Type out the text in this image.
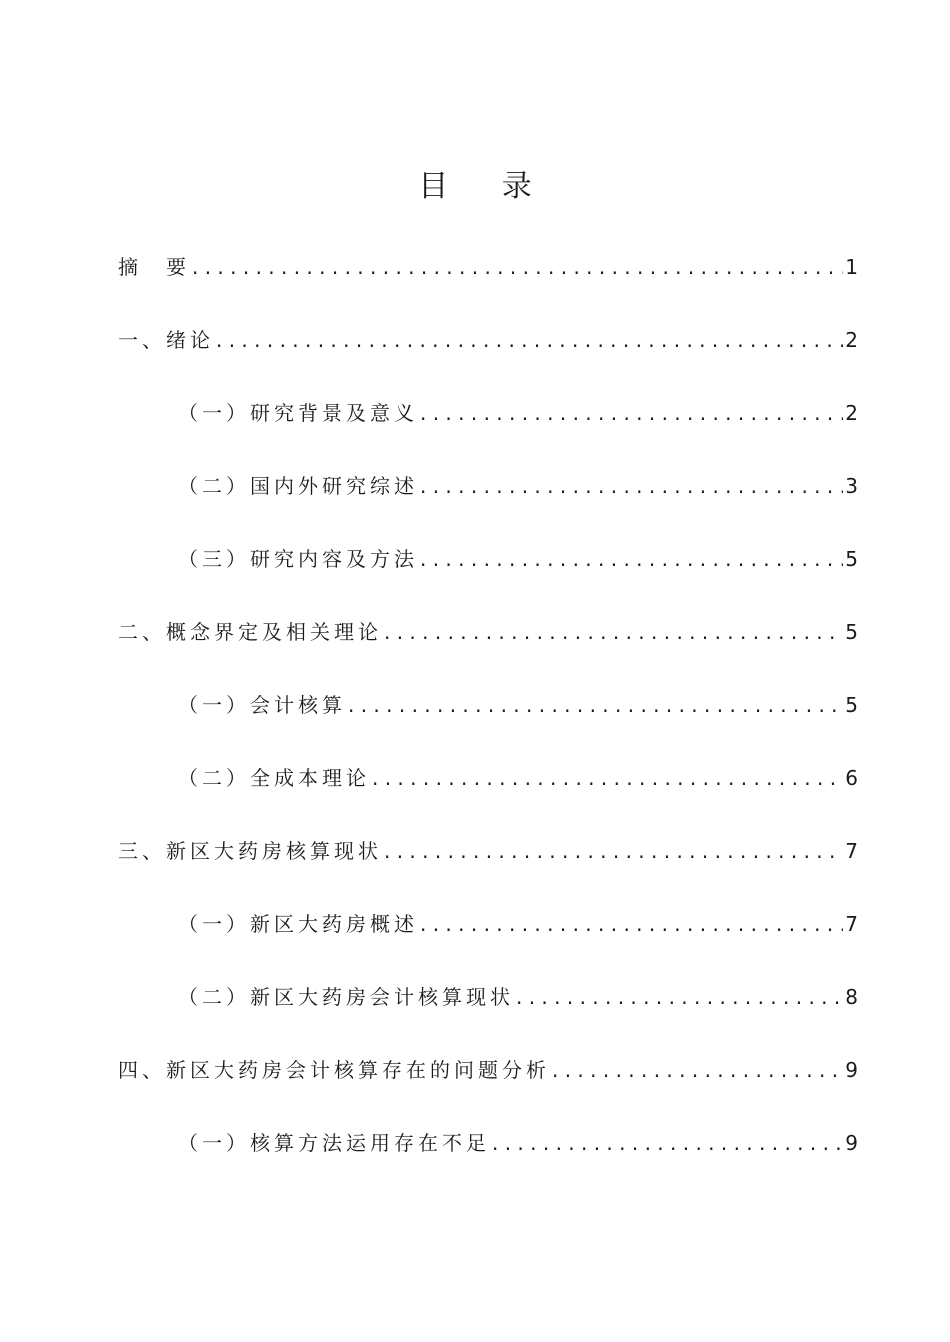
目 录
摘　要 . . .	1
一、绪论 . . .	2
（一）研究背景及意义 . . .	2
（二）国内外研究综述 . . .	3
（三）研究内容及方法 . . .	5
二、概念界定及相关理论 . . .	5
（一）会计核算 . . .	5
（二）全成本理论 . . .	6
三、新区大药房核算现状 . . .	7
（一）新区大药房概述 . . .	7
（二）新区大药房会计核算现状 . . .	8
四、新区大药房会计核算存在的问题分析 . . .	9
（一）核算方法运用存在不足 . . .	9
